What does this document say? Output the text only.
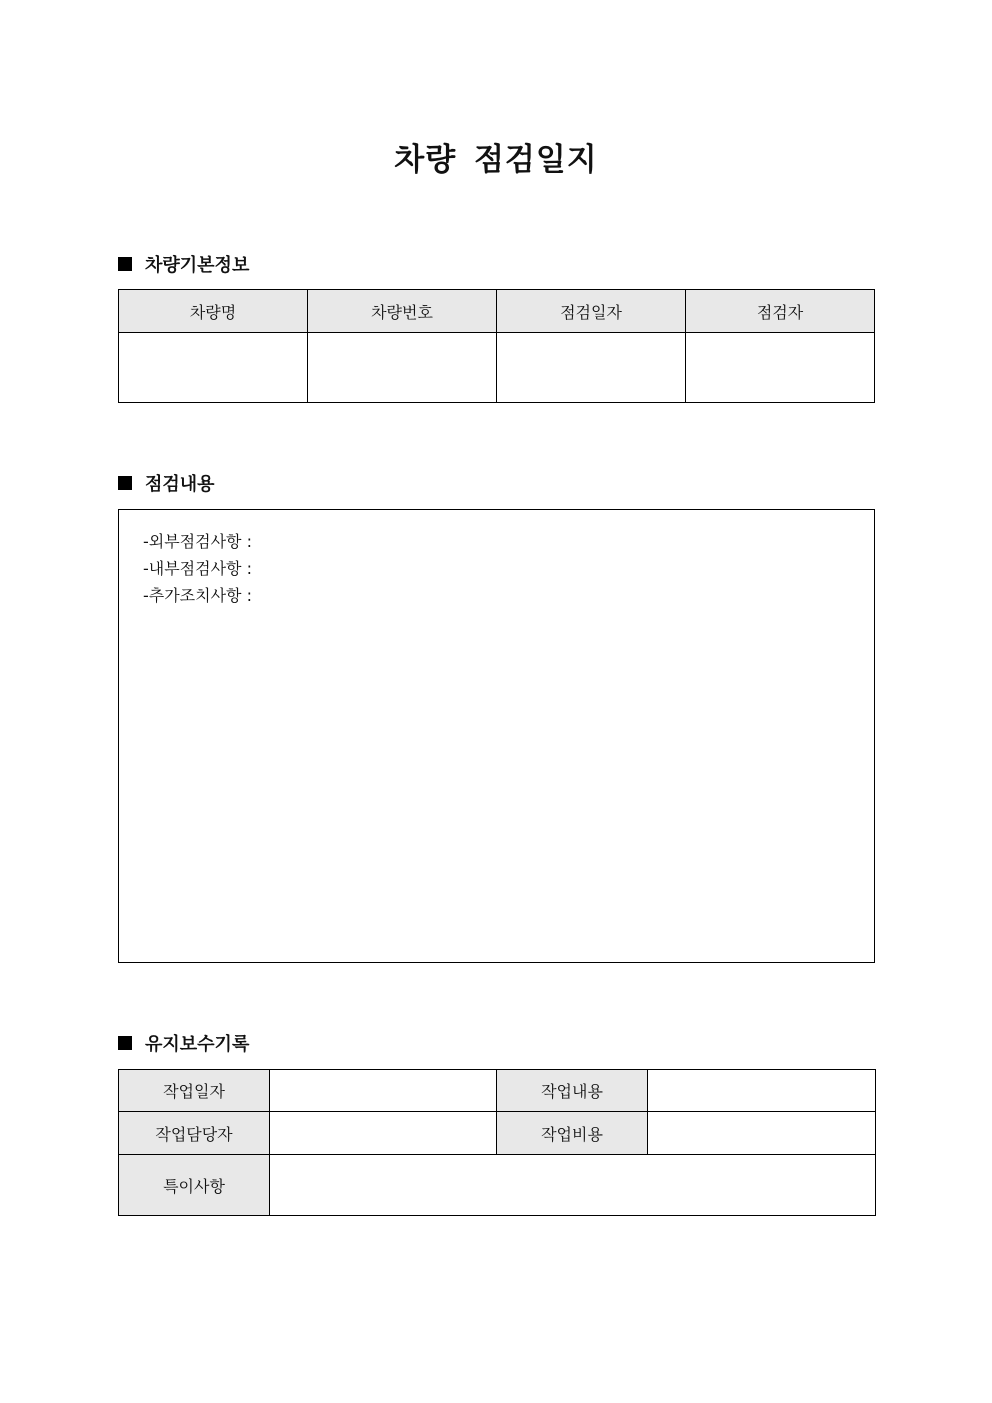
차량 점검일지
차량기본정보
차량명	차량번호	점검일자	점검자

점검내용
-외부점검사항 :
-내부점검사항 :
-추가조치사항 :
유지보수기록
작업일자		작업내용	
작업담당자		작업비용	
특이사항			
